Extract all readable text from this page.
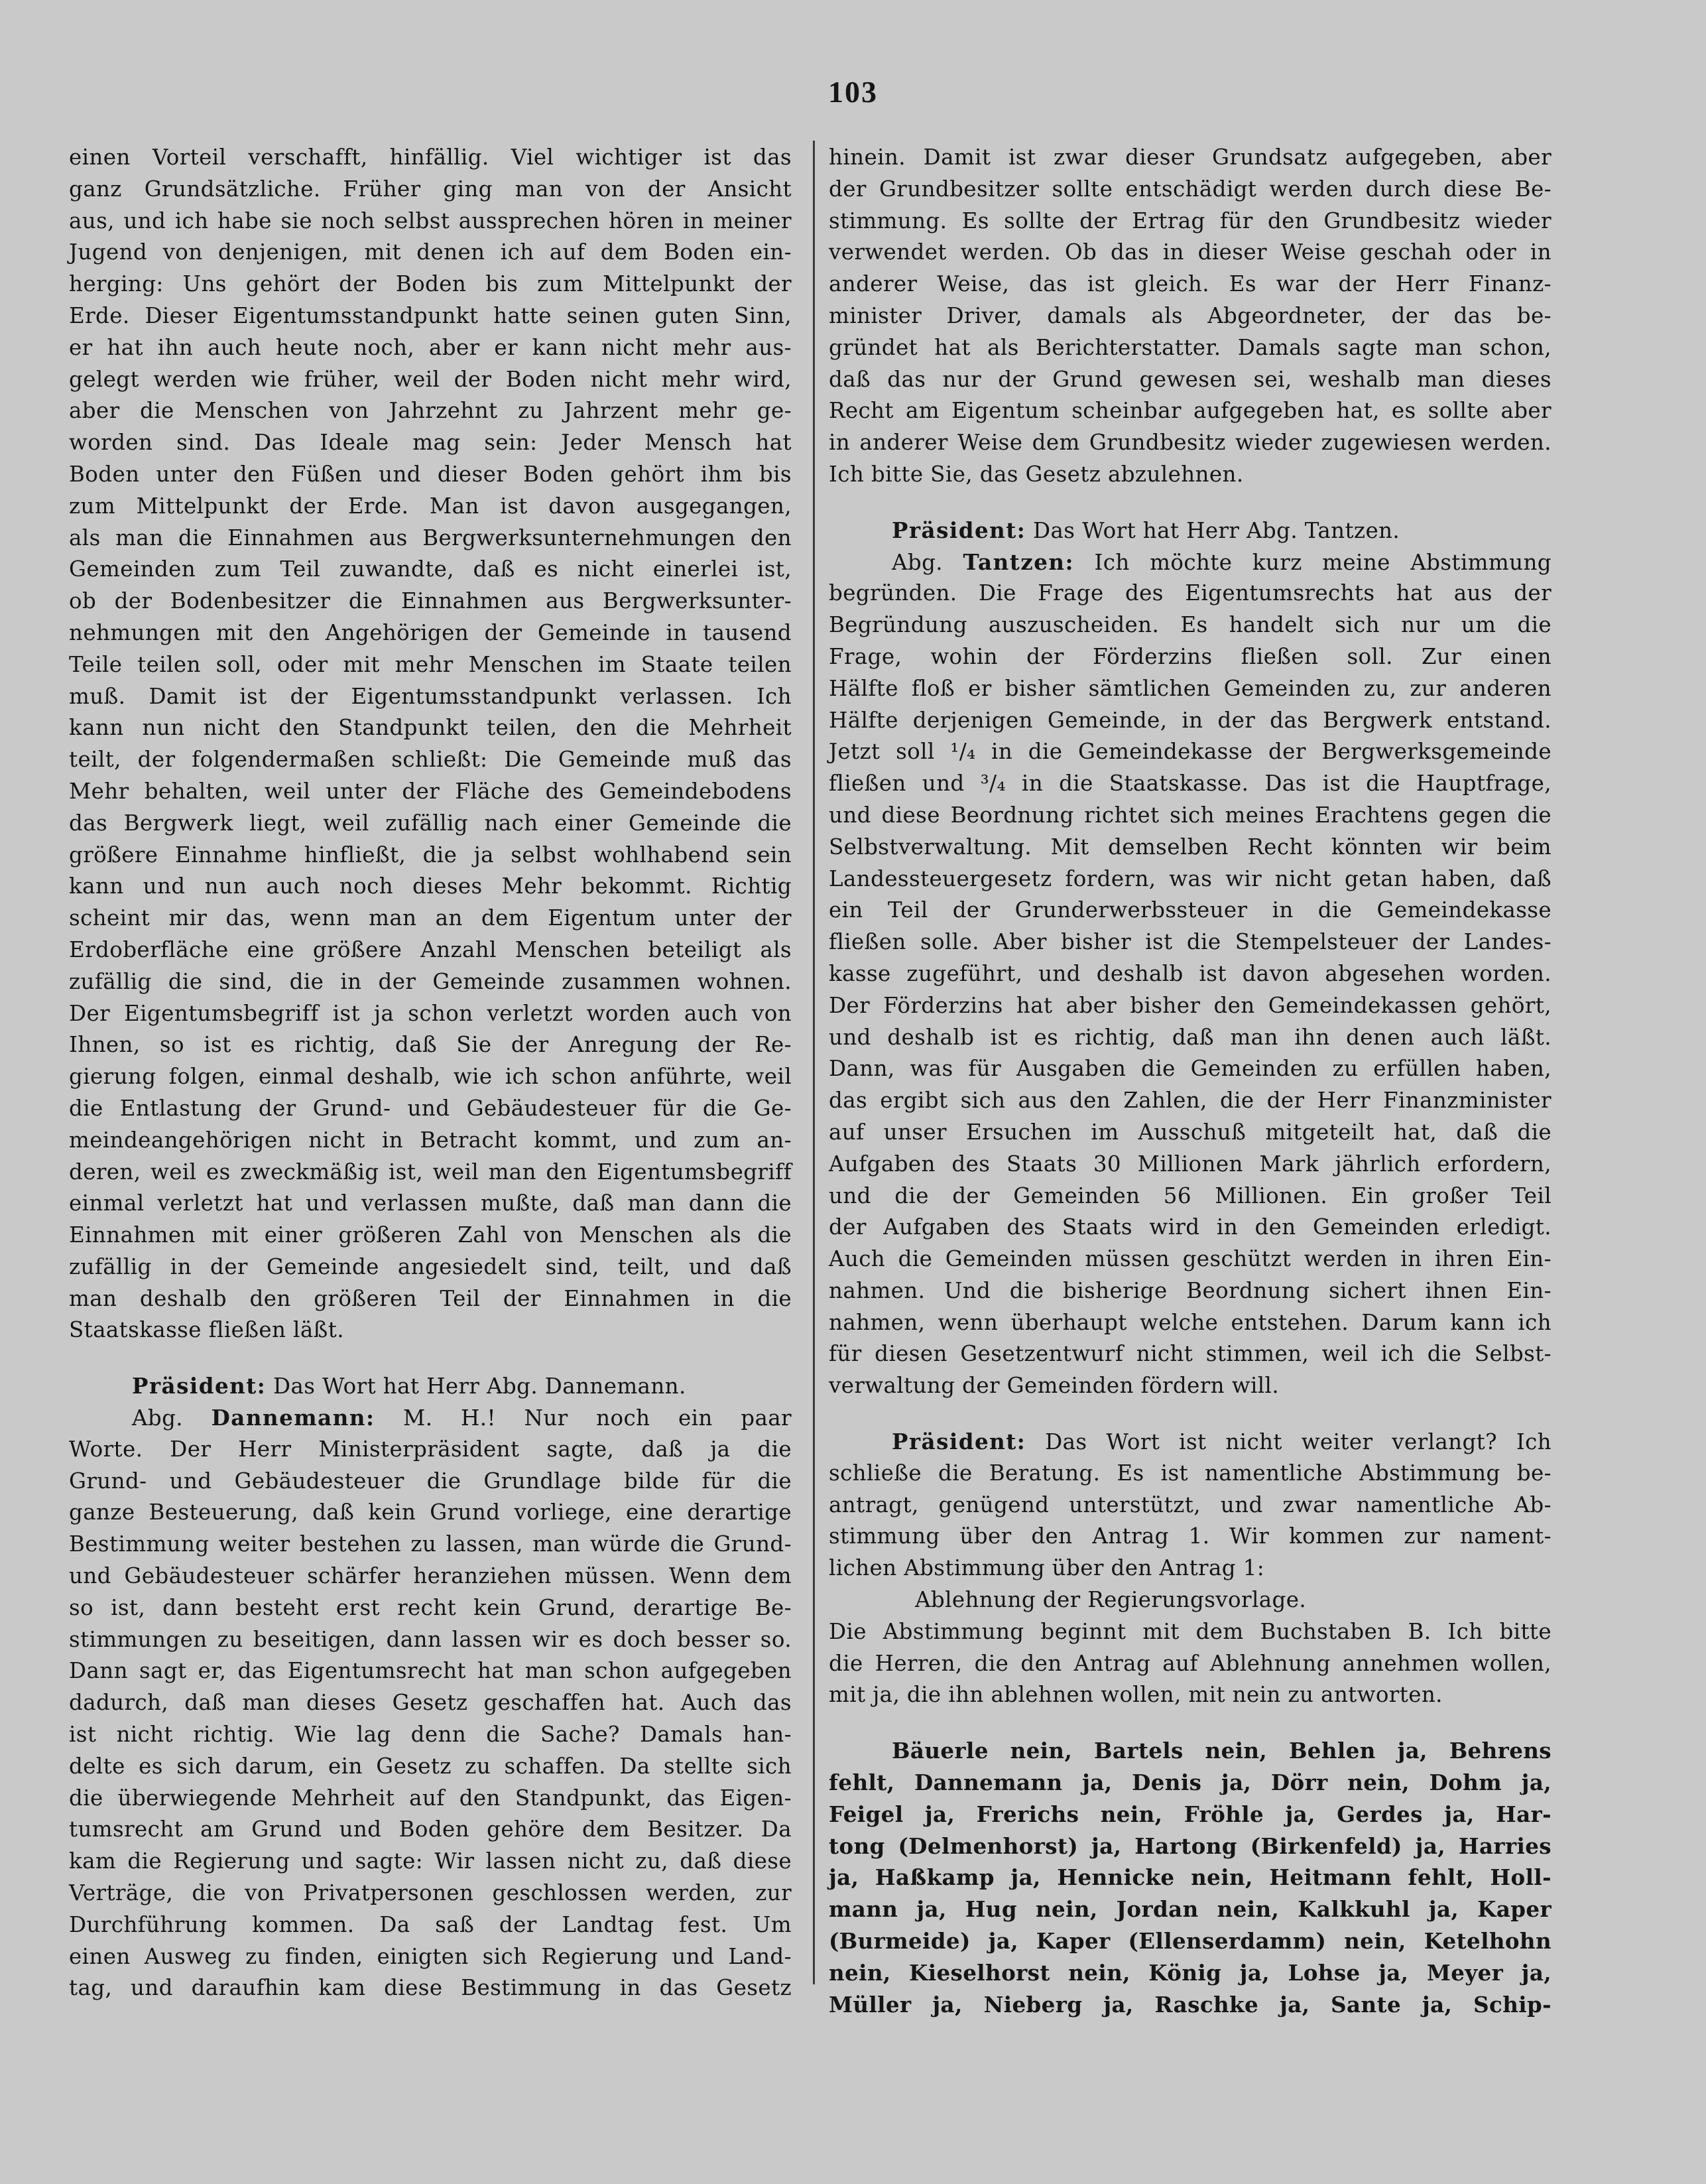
103
einen Vorteil verschafft, hinfällig. Viel wichtiger ist das
ganz Grundsätzliche. Früher ging man von der Ansicht
aus, und ich habe sie noch selbst aussprechen hören in meiner
Jugend von denjenigen, mit denen ich auf dem Boden ein-
herging: Uns gehört der Boden bis zum Mittelpunkt der
Erde. Dieser Eigentumsstandpunkt hatte seinen guten Sinn,
er hat ihn auch heute noch, aber er kann nicht mehr aus-
gelegt werden wie früher, weil der Boden nicht mehr wird,
aber die Menschen von Jahrzehnt zu Jahrzent mehr ge-
worden sind. Das Ideale mag sein: Jeder Mensch hat
Boden unter den Füßen und dieser Boden gehört ihm bis
zum Mittelpunkt der Erde. Man ist davon ausgegangen,
als man die Einnahmen aus Bergwerksunternehmungen den
Gemeinden zum Teil zuwandte, daß es nicht einerlei ist,
ob der Bodenbesitzer die Einnahmen aus Bergwerksunter-
nehmungen mit den Angehörigen der Gemeinde in tausend
Teile teilen soll, oder mit mehr Menschen im Staate teilen
muß. Damit ist der Eigentumsstandpunkt verlassen. Ich
kann nun nicht den Standpunkt teilen, den die Mehrheit
teilt, der folgendermaßen schließt: Die Gemeinde muß das
Mehr behalten, weil unter der Fläche des Gemeindebodens
das Bergwerk liegt, weil zufällig nach einer Gemeinde die
größere Einnahme hinfließt, die ja selbst wohlhabend sein
kann und nun auch noch dieses Mehr bekommt. Richtig
scheint mir das, wenn man an dem Eigentum unter der
Erdoberfläche eine größere Anzahl Menschen beteiligt als
zufällig die sind, die in der Gemeinde zusammen wohnen.
Der Eigentumsbegriff ist ja schon verletzt worden auch von
Ihnen, so ist es richtig, daß Sie der Anregung der Re-
gierung folgen, einmal deshalb, wie ich schon anführte, weil
die Entlastung der Grund- und Gebäudesteuer für die Ge-
meindeangehörigen nicht in Betracht kommt, und zum an-
deren, weil es zweckmäßig ist, weil man den Eigentumsbegriff
einmal verletzt hat und verlassen mußte, daß man dann die
Einnahmen mit einer größeren Zahl von Menschen als die
zufällig in der Gemeinde angesiedelt sind, teilt, und daß
man deshalb den größeren Teil der Einnahmen in die
Staatskasse fließen läßt.
Präsident: Das Wort hat Herr Abg. Dannemann.
Abg. Dannemann: M. H.! Nur noch ein paar
Worte. Der Herr Ministerpräsident sagte, daß ja die
Grund- und Gebäudesteuer die Grundlage bilde für die
ganze Besteuerung, daß kein Grund vorliege, eine derartige
Bestimmung weiter bestehen zu lassen, man würde die Grund-
und Gebäudesteuer schärfer heranziehen müssen. Wenn dem
so ist, dann besteht erst recht kein Grund, derartige Be-
stimmungen zu beseitigen, dann lassen wir es doch besser so.
Dann sagt er, das Eigentumsrecht hat man schon aufgegeben
dadurch, daß man dieses Gesetz geschaffen hat. Auch das
ist nicht richtig. Wie lag denn die Sache? Damals han-
delte es sich darum, ein Gesetz zu schaffen. Da stellte sich
die überwiegende Mehrheit auf den Standpunkt, das Eigen-
tumsrecht am Grund und Boden gehöre dem Besitzer. Da
kam die Regierung und sagte: Wir lassen nicht zu, daß diese
Verträge, die von Privatpersonen geschlossen werden, zur
Durchführung kommen. Da saß der Landtag fest. Um
einen Ausweg zu finden, einigten sich Regierung und Land-
tag, und daraufhin kam diese Bestimmung in das Gesetz
hinein. Damit ist zwar dieser Grundsatz aufgegeben, aber
der Grundbesitzer sollte entschädigt werden durch diese Be-
stimmung. Es sollte der Ertrag für den Grundbesitz wieder
verwendet werden. Ob das in dieser Weise geschah oder in
anderer Weise, das ist gleich. Es war der Herr Finanz-
minister Driver, damals als Abgeordneter, der das be-
gründet hat als Berichterstatter. Damals sagte man schon,
daß das nur der Grund gewesen sei, weshalb man dieses
Recht am Eigentum scheinbar aufgegeben hat, es sollte aber
in anderer Weise dem Grundbesitz wieder zugewiesen werden.
Ich bitte Sie, das Gesetz abzulehnen.
Präsident: Das Wort hat Herr Abg. Tantzen.
Abg. Tantzen: Ich möchte kurz meine Abstimmung
begründen. Die Frage des Eigentumsrechts hat aus der
Begründung auszuscheiden. Es handelt sich nur um die
Frage, wohin der Förderzins fließen soll. Zur einen
Hälfte floß er bisher sämtlichen Gemeinden zu, zur anderen
Hälfte derjenigen Gemeinde, in der das Bergwerk entstand.
Jetzt soll ¹/₄ in die Gemeindekasse der Bergwerksgemeinde
fließen und ³/₄ in die Staatskasse. Das ist die Hauptfrage,
und diese Beordnung richtet sich meines Erachtens gegen die
Selbstverwaltung. Mit demselben Recht könnten wir beim
Landessteuergesetz fordern, was wir nicht getan haben, daß
ein Teil der Grunderwerbssteuer in die Gemeindekasse
fließen solle. Aber bisher ist die Stempelsteuer der Landes-
kasse zugeführt, und deshalb ist davon abgesehen worden.
Der Förderzins hat aber bisher den Gemeindekassen gehört,
und deshalb ist es richtig, daß man ihn denen auch läßt.
Dann, was für Ausgaben die Gemeinden zu erfüllen haben,
das ergibt sich aus den Zahlen, die der Herr Finanzminister
auf unser Ersuchen im Ausschuß mitgeteilt hat, daß die
Aufgaben des Staats 30 Millionen Mark jährlich erfordern,
und die der Gemeinden 56 Millionen. Ein großer Teil
der Aufgaben des Staats wird in den Gemeinden erledigt.
Auch die Gemeinden müssen geschützt werden in ihren Ein-
nahmen. Und die bisherige Beordnung sichert ihnen Ein-
nahmen, wenn überhaupt welche entstehen. Darum kann ich
für diesen Gesetzentwurf nicht stimmen, weil ich die Selbst-
verwaltung der Gemeinden fördern will.
Präsident: Das Wort ist nicht weiter verlangt? Ich
schließe die Beratung. Es ist namentliche Abstimmung be-
antragt, genügend unterstützt, und zwar namentliche Ab-
stimmung über den Antrag 1. Wir kommen zur nament-
lichen Abstimmung über den Antrag 1:
Ablehnung der Regierungsvorlage.
Die Abstimmung beginnt mit dem Buchstaben B. Ich bitte
die Herren, die den Antrag auf Ablehnung annehmen wollen,
mit ja, die ihn ablehnen wollen, mit nein zu antworten.
Bäuerle nein, Bartels nein, Behlen ja, Behrens
fehlt, Dannemann ja, Denis ja, Dörr nein, Dohm ja,
Feigel ja, Frerichs nein, Fröhle ja, Gerdes ja, Har-
tong (Delmenhorst) ja, Hartong (Birkenfeld) ja, Harries
ja, Haßkamp ja, Hennicke nein, Heitmann fehlt, Holl-
mann ja, Hug nein, Jordan nein, Kalkkuhl ja, Kaper
(Burmeide) ja, Kaper (Ellenserdamm) nein, Ketelhohn
nein, Kieselhorst nein, König ja, Lohse ja, Meyer ja,
Müller ja, Nieberg ja, Raschke ja, Sante ja, Schip-
